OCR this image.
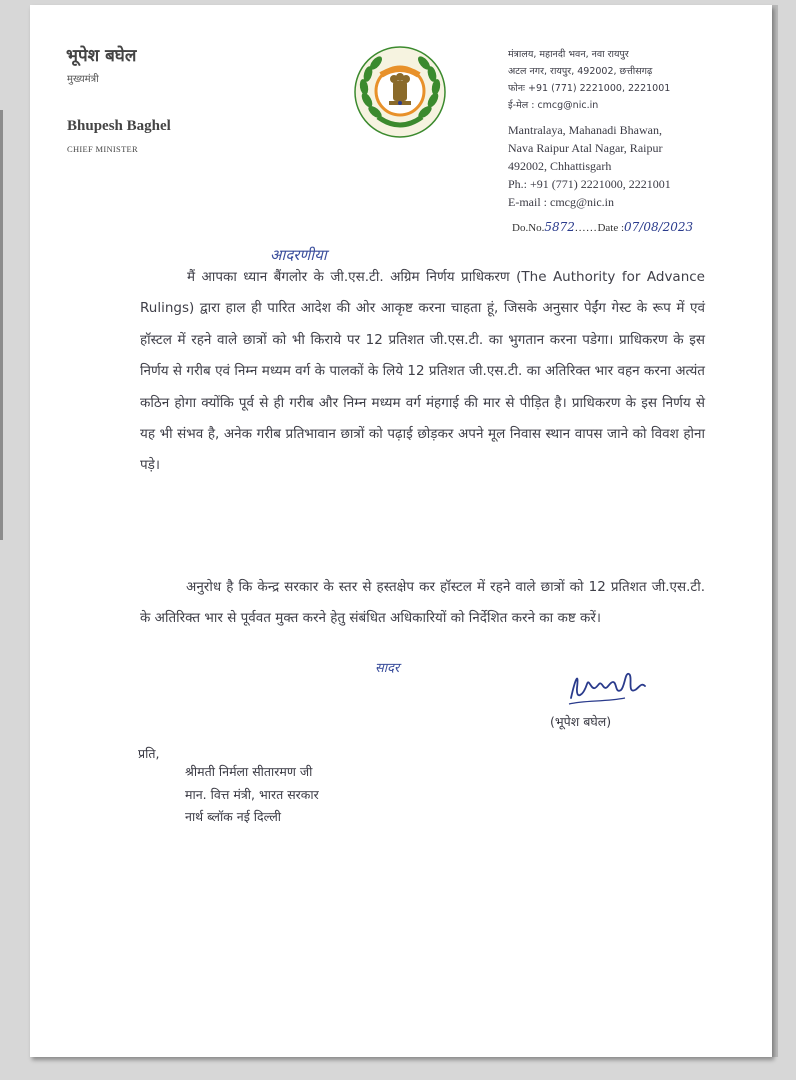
भूपेश बघेल
मुख्यमंत्री
Bhupesh Baghel
CHIEF MINISTER
मंत्रालय, महानदी भवन, नवा रायपुर
अटल नगर, रायपुर, 492002, छत्तीसगढ़
फोनः +91 (771) 2221000, 2221001
ई-मेल : cmcg@nic.in
Mantralaya, Mahanadi Bhawan,
Nava Raipur Atal Nagar, Raipur
492002, Chhattisgarh
Ph.: +91 (771) 2221000, 2221001
E-mail : cmcg@nic.in
Do.No.5872......Date :07/08/2023
आदरणीया
मैं आपका ध्यान बैंगलोर के जी.एस.टी. अग्रिम निर्णय प्राधिकरण (The Authority for Advance Rulings) द्वारा हाल ही पारित आदेश की ओर आकृष्ट करना चाहता हूं, जिसके अनुसार पेईंग गेस्ट के रूप में एवं हॉस्टल में रहने वाले छात्रों को भी किराये पर 12 प्रतिशत जी.एस.टी. का भुगतान करना पडेगा। प्राधिकरण के इस निर्णय से गरीब एवं निम्न मध्यम वर्ग के पालकों के लिये 12 प्रतिशत जी.एस.टी. का अतिरिक्त भार वहन करना अत्यंत कठिन होगा क्योंकि पूर्व से ही गरीब और निम्न मध्यम वर्ग मंहगाई की मार से पीड़ित है। प्राधिकरण के इस निर्णय से यह भी संभव है, अनेक गरीब प्रतिभावान छात्रों को पढ़ाई छोड़कर अपने मूल निवास स्थान वापस जाने को विवश होना पड़े।
अनुरोध है कि केन्द्र सरकार के स्तर से हस्तक्षेप कर हॉस्टल में रहने वाले छात्रों को 12 प्रतिशत जी.एस.टी. के अतिरिक्त भार से पूर्ववत मुक्त करने हेतु संबंधित अधिकारियों को निर्देशित करने का कष्ट करें।
सादर
(भूपेश बघेल)
प्रति,
श्रीमती निर्मला सीतारमण जी
मान. वित्त मंत्री, भारत सरकार
नार्थ ब्लॉक नई दिल्ली
